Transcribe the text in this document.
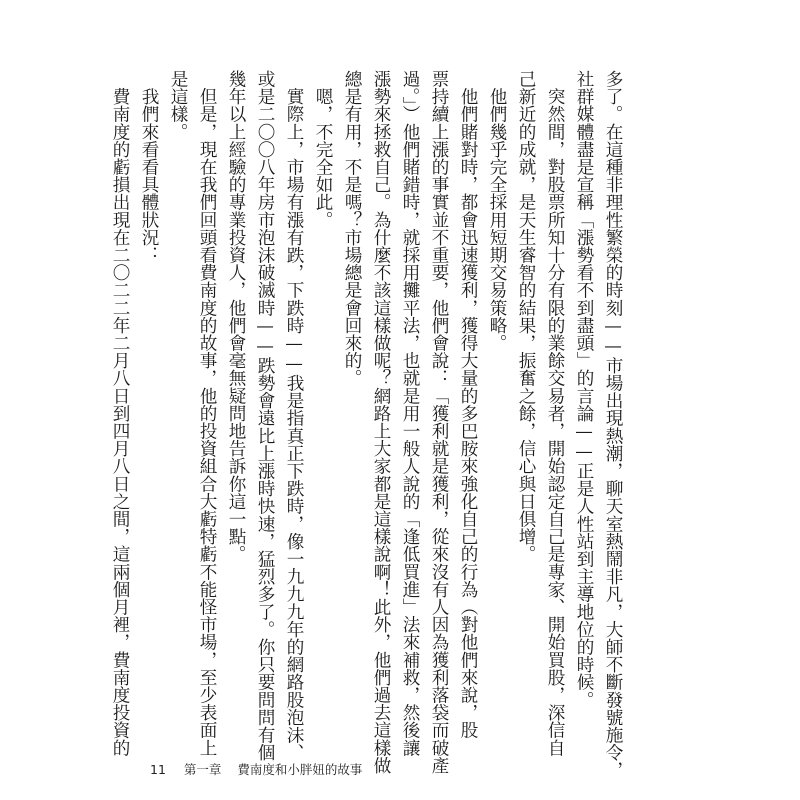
多了。在這種非理性繁榮的時刻——市場出現熱潮，聊天室熱鬧非凡，大師不斷發號施令，

社群媒體盡是宣稱「漲勢看不到盡頭」的言論——正是人性站到主導地位的時候。

　突然間，對股票所知十分有限的業餘交易者，開始認定自己是專家、開始買股，深信自

己新近的成就，是天生睿智的結果，振奮之餘，信心與日俱增。

　他們幾乎完全採用短期交易策略。

　他們賭對時，都會迅速獲利，獲得大量的多巴胺來強化自己的行為（對他們來說，股

票持續上漲的事實並不重要，他們會說：「獲利就是獲利，從來沒有人因為獲利落袋而破產

過。」）他們賭錯時，就採用攤平法，也就是用一般人說的「逢低買進」法來補救，然後讓

漲勢來拯救自己。為什麼不該這樣做呢？網路上大家都是這樣說啊！此外，他們過去這樣做

總是有用，不是嗎？市場總是會回來的。

　嗯，不完全如此。

　實際上，市場有漲有跌，下跌時——我是指真正下跌時，像一九九九年的網路股泡沫、

或是二〇〇八年房市泡沫破滅時——跌勢會遠比上漲時快速，猛烈多了。你只要問問有個

幾年以上經驗的專業投資人，他們會毫無疑問地告訴你這一點。

　但是，現在我們回頭看費南度的故事，他的投資組合大虧特虧不能怪市場，至少表面上

是這樣。

　我們來看看具體狀況：

　費南度的虧損出現在二〇二二年二月八日到四月八日之間，這兩個月裡，費南度投資的

11 第一章 費南度和小胖妞的故事
